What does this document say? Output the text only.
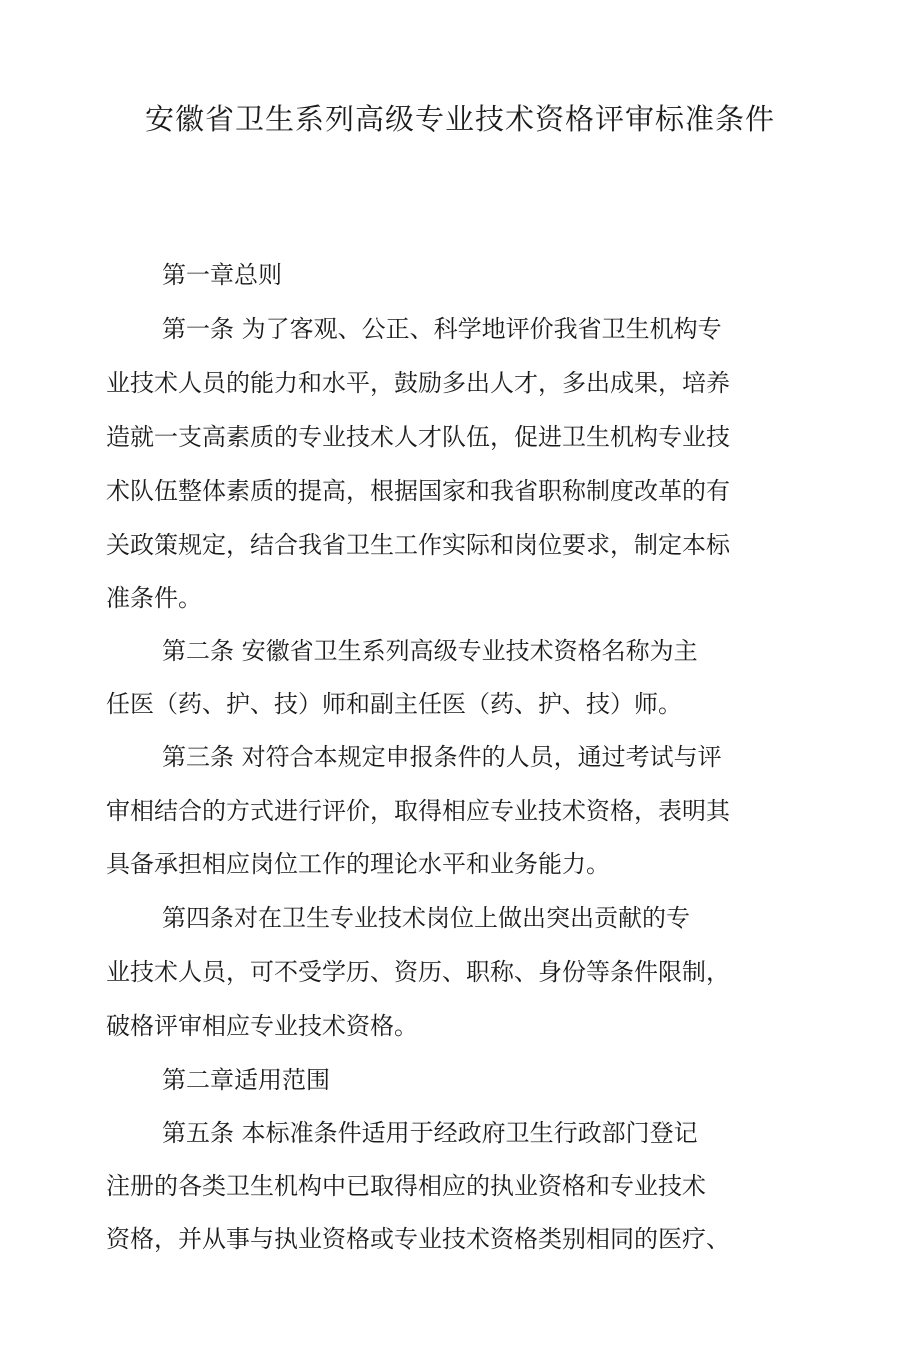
安徽省卫生系列高级专业技术资格评审标准条件

第一章总则

第一条 为了客观、公正、科学地评价我省卫生机构专

业技术人员的能力和水平，鼓励多出人才，多出成果，培养

造就一支高素质的专业技术人才队伍，促进卫生机构专业技

术队伍整体素质的提高，根据国家和我省职称制度改革的有

关政策规定，结合我省卫生工作实际和岗位要求，制定本标

准条件。

第二条 安徽省卫生系列高级专业技术资格名称为主

任医（药、护、技）师和副主任医（药、护、技）师。

第三条 对符合本规定申报条件的人员，通过考试与评

审相结合的方式进行评价，取得相应专业技术资格，表明其

具备承担相应岗位工作的理论水平和业务能力。

第四条对在卫生专业技术岗位上做出突出贡献的专

业技术人员，可不受学历、资历、职称、身份等条件限制，

破格评审相应专业技术资格。

第二章适用范围

第五条 本标准条件适用于经政府卫生行政部门登记

注册的各类卫生机构中已取得相应的执业资格和专业技术

资格，并从事与执业资格或专业技术资格类别相同的医疗、
